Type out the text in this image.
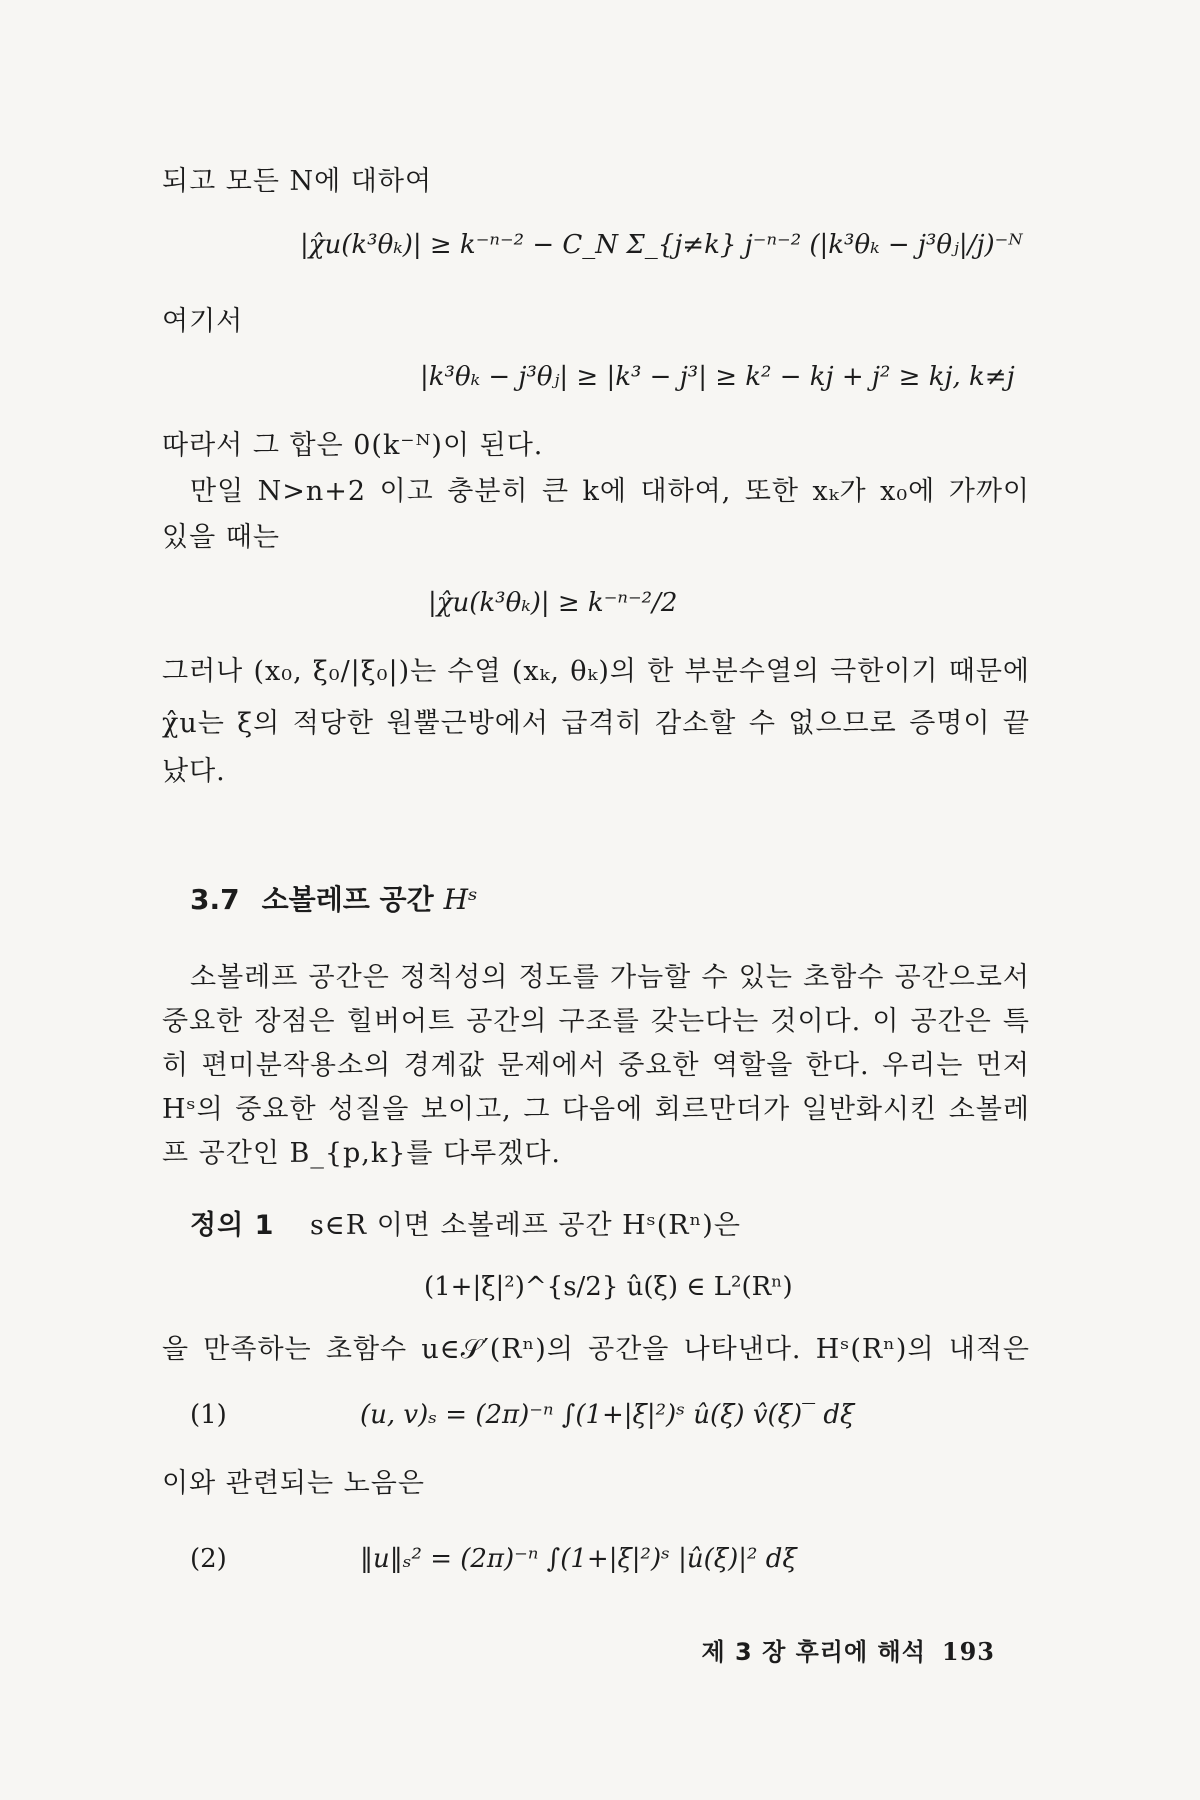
되고 모든 N에 대하여
|χ̂u(k³θₖ)| ≥ k⁻ⁿ⁻² − C_N Σ_{j≠k} j⁻ⁿ⁻² (|k³θₖ − j³θⱼ|/j)⁻ᴺ
여기서
|k³θₖ − j³θⱼ| ≥ |k³ − j³| ≥ k² − kj + j² ≥ kj, k≠j
따라서 그 합은 0(k⁻ᴺ)이 된다.
만일 N>n+2 이고 충분히 큰 k에 대하여, 또한 xₖ가 x₀에 가까이
있을 때는
|χ̂u(k³θₖ)| ≥ k⁻ⁿ⁻²/2
그러나 (x₀, ξ₀/|ξ₀|)는 수열 (xₖ, θₖ)의 한 부분수열의 극한이기 때문에
χ̂u는 ξ의 적당한 원뿔근방에서 급격히 감소할 수 없으므로 증명이 끝
났다.
3.7 소볼레프 공간 Hˢ
소볼레프 공간은 정칙성의 정도를 가늠할 수 있는 초함수 공간으로서
중요한 장점은 힐버어트 공간의 구조를 갖는다는 것이다. 이 공간은 특
히 편미분작용소의 경계값 문제에서 중요한 역할을 한다. 우리는 먼저
Hˢ의 중요한 성질을 보이고, 그 다음에 회르만더가 일반화시킨 소볼레
프 공간인 B_{p,k}를 다루겠다.
정의 1 s∈R 이면 소볼레프 공간 Hˢ(Rⁿ)은
(1+|ξ|²)^{s/2} û(ξ) ∈ L²(Rⁿ)
을 만족하는 초함수 u∈𝒮′(Rⁿ)의 공간을 나타낸다. Hˢ(Rⁿ)의 내적은
(1)	(u, v)ₛ = (2π)⁻ⁿ ∫(1+|ξ|²)ˢ û(ξ) v̂(ξ)‾ dξ
이와 관련되는 노음은
(2)	‖u‖ₛ² = (2π)⁻ⁿ ∫(1+|ξ|²)ˢ |û(ξ)|² dξ
제 3 장 후리에 해석 193
